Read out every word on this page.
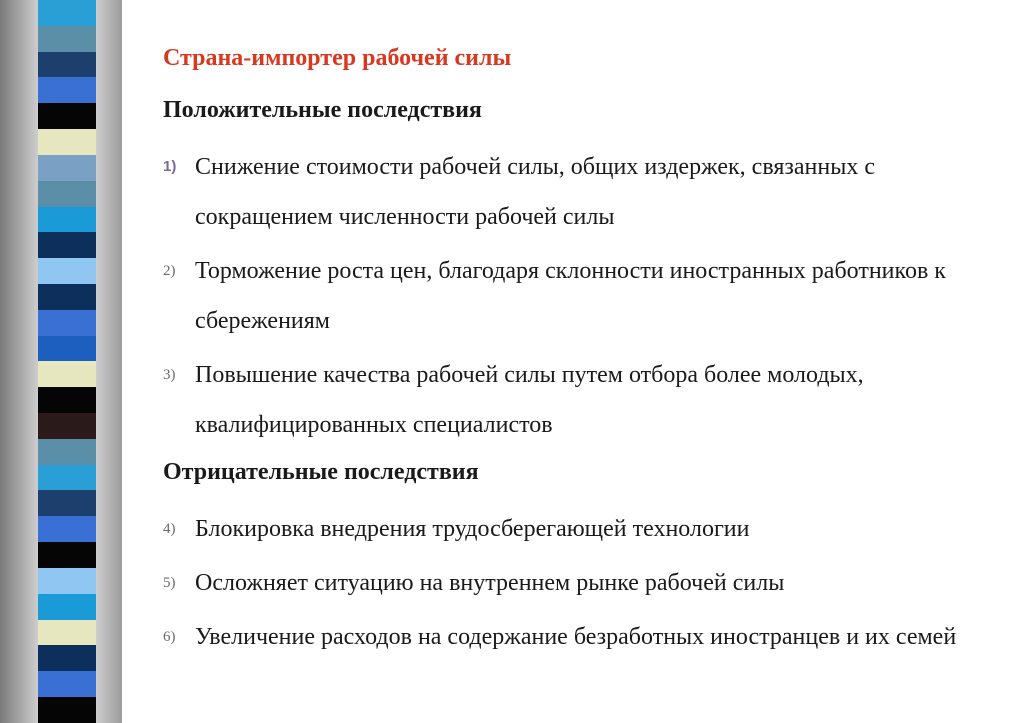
Страна-импортер рабочей силы
Положительные последствия
1) Снижение стоимости рабочей силы, общих издержек, связанных с сокращением численности рабочей силы
2) Торможение роста цен, благодаря склонности иностранных работников к сбережениям
3) Повышение качества рабочей силы путем отбора более молодых, квалифицированных специалистов
Отрицательные последствия
4) Блокировка внедрения трудосберегающей технологии
5) Осложняет ситуацию на внутреннем рынке рабочей силы
6) Увеличение расходов на содержание безработных иностранцев и их семей
